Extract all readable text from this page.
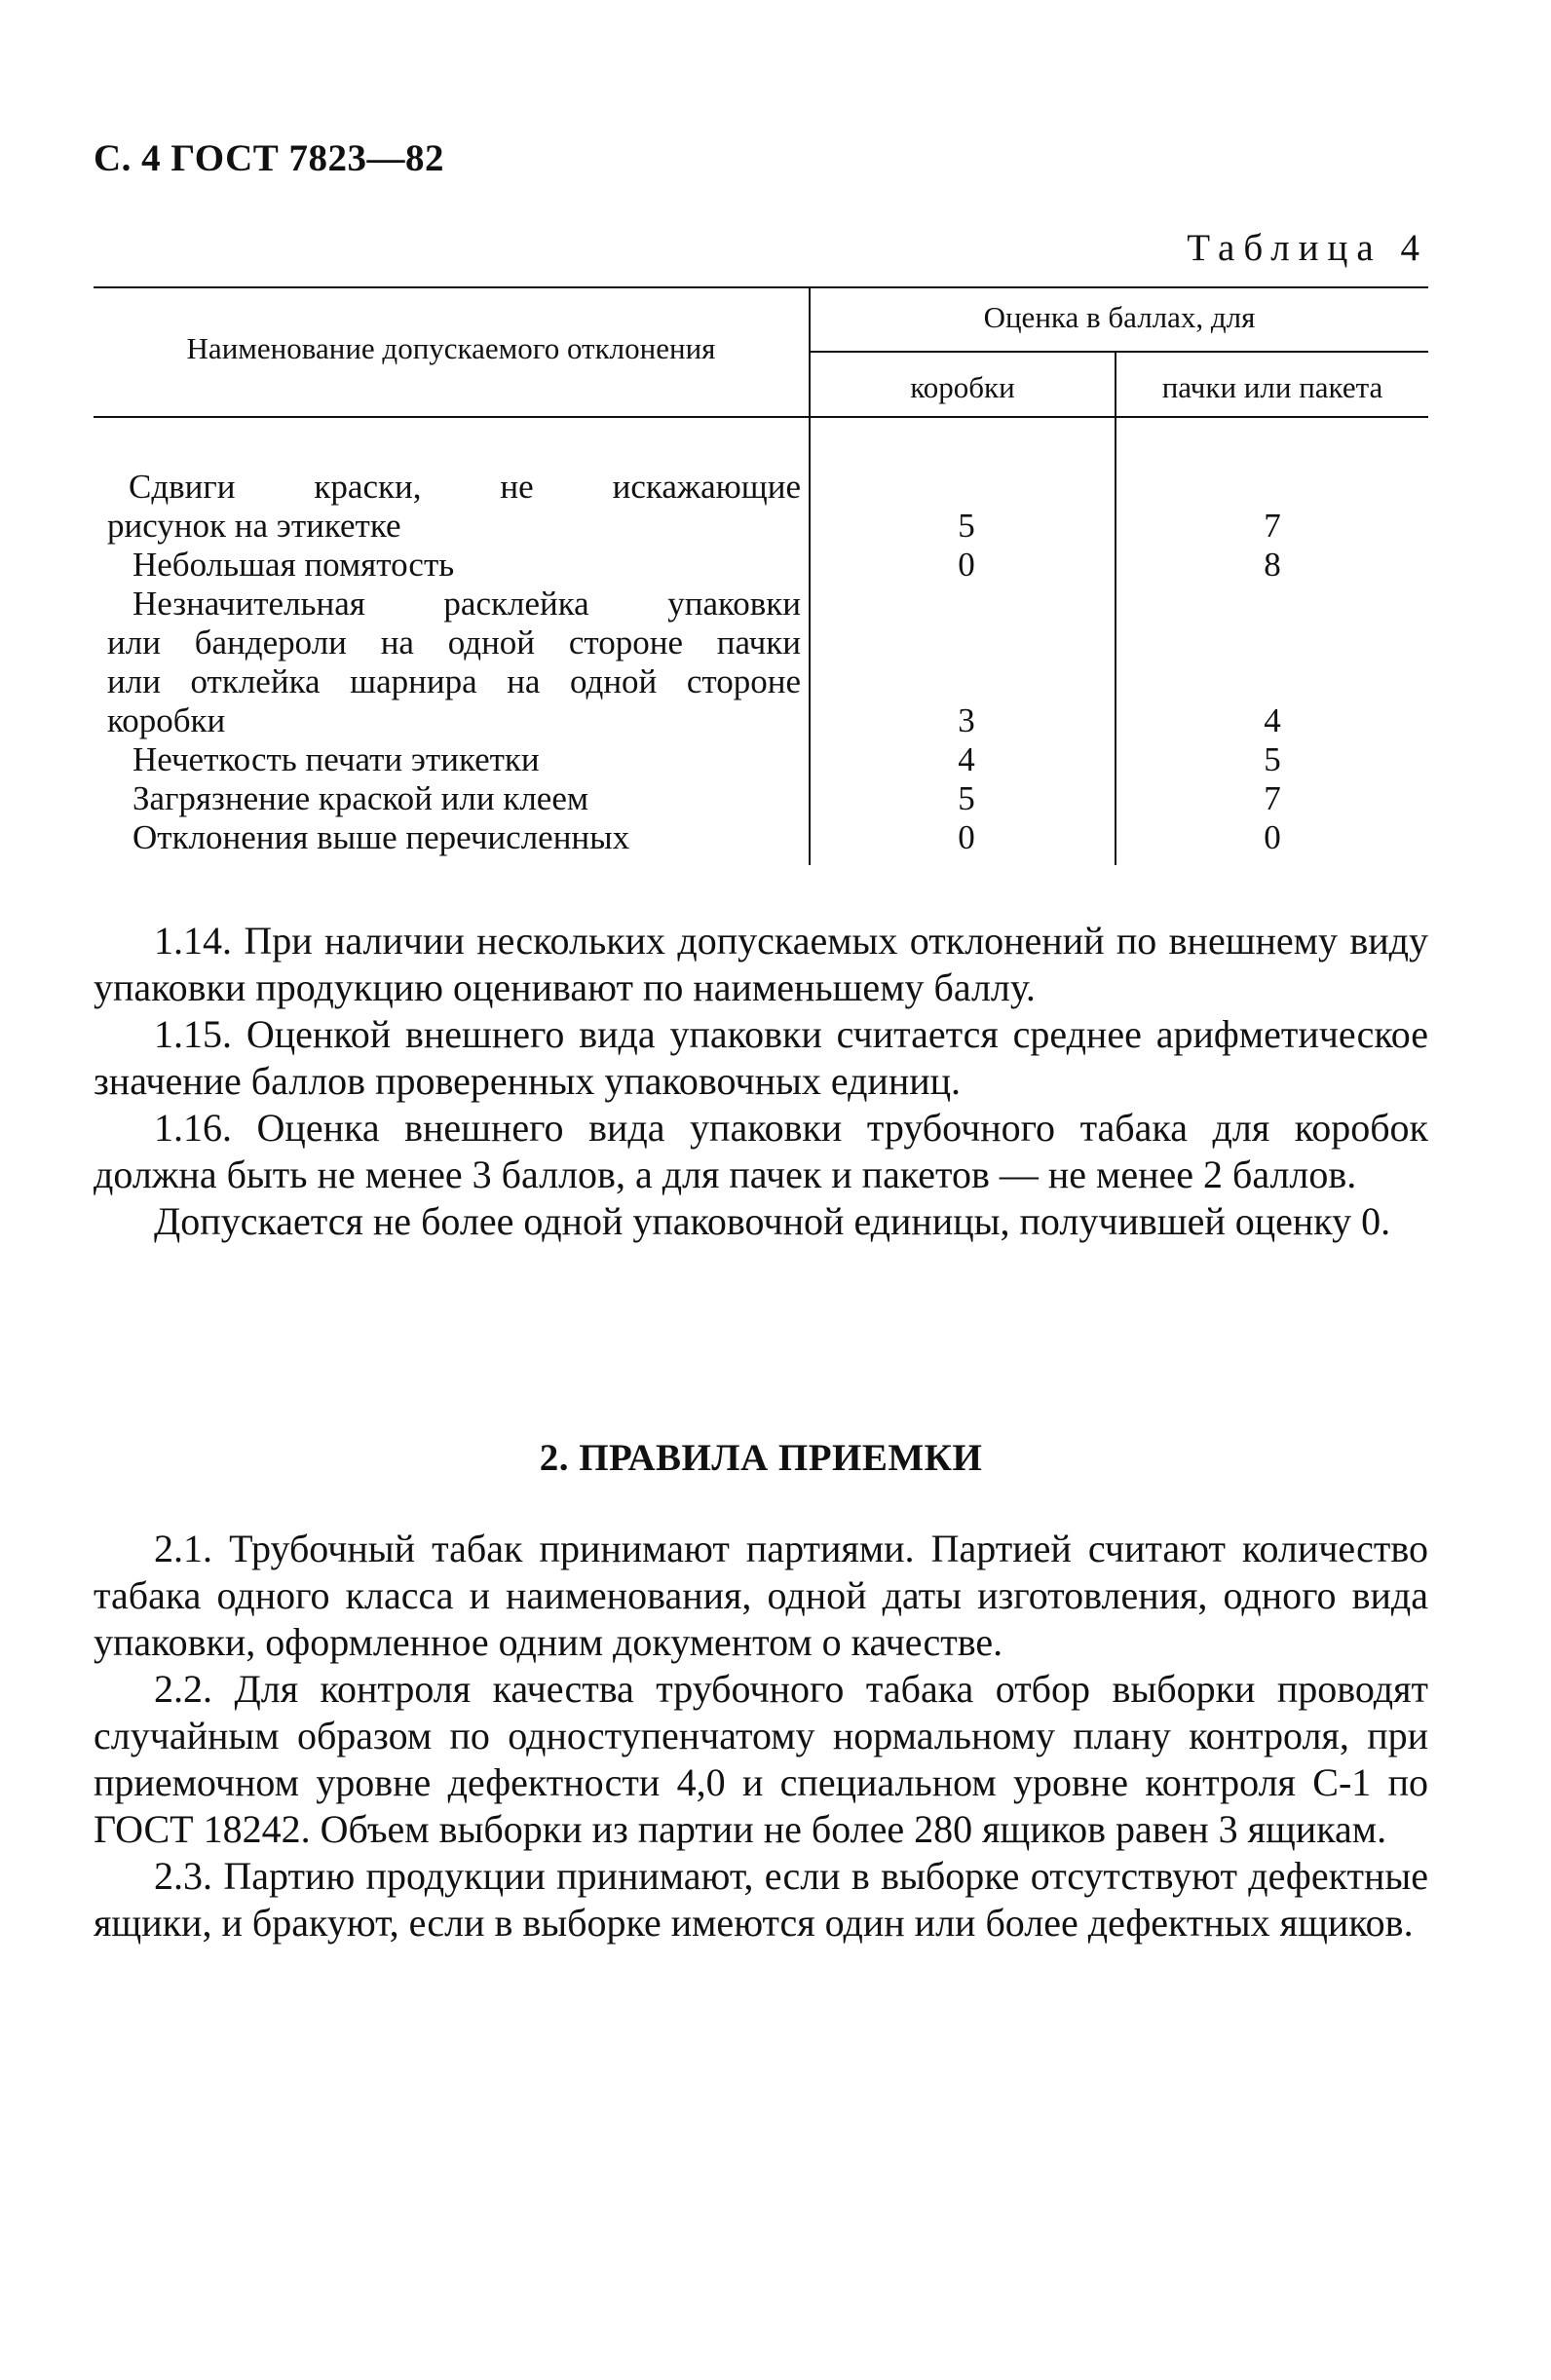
С. 4 ГОСТ 7823—82
Таблица 4
Наименование допускаемого отклонения
Оценка в баллах, для
коробки	пачки или пакета
Сдвиги краски, не искажающие
рисунок на этикетке	5	7
Небольшая помятость	0	8
Незначительная расклейка упаковки
или бандероли на одной стороне пачки
или отклейка шарнира на одной стороне
коробки	3	4
Нечеткость печати этикетки	4	5
Загрязнение краской или клеем	5	7
Отклонения выше перечисленных	0	0

1.14. При наличии нескольких допускаемых отклонений по внешнему виду упаковки продукцию оценивают по наименьшему баллу.

1.15. Оценкой внешнего вида упаковки считается среднее арифметическое значение баллов проверенных упаковочных единиц.

1.16. Оценка внешнего вида упаковки трубочного табака для коробок должна быть не менее 3 баллов, а для пачек и пакетов — не менее 2 баллов.

Допускается не более одной упаковочной единицы, получившей оценку 0.

2. ПРАВИЛА ПРИЕМКИ

2.1. Трубочный табак принимают партиями. Партией считают количество табака одного класса и наименования, одной даты изготовления, одного вида упаковки, оформленное одним документом о качестве.

2.2. Для контроля качества трубочного табака отбор выборки проводят случайным образом по одноступенчатому нормальному плану контроля, при приемочном уровне дефектности 4,0 и специальном уровне контроля С-1 по ГОСТ 18242. Объем выборки из партии не более 280 ящиков равен 3 ящикам.

2.3. Партию продукции принимают, если в выборке отсутствуют дефектные ящики, и бракуют, если в выборке имеются один или более дефектных ящиков.
